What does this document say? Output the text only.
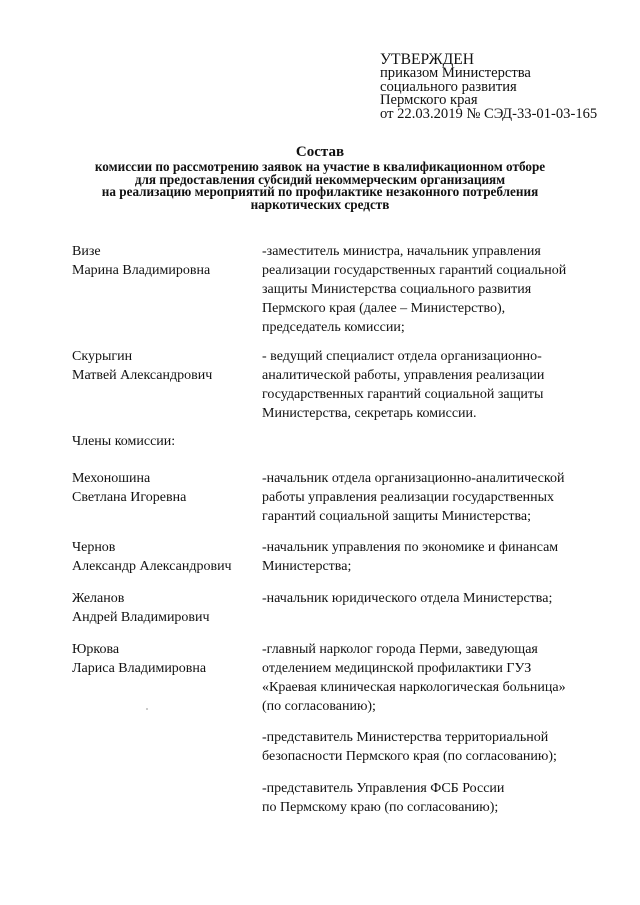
УТВЕРЖДЕН
приказом Министерства
социального развития
Пермского края
от 22.03.2019 № СЭД-33-01-03-165
Состав
комиссии по рассмотрению заявок на участие в квалификационном отборе
для предоставления субсидий некоммерческим организациям
на реализацию мероприятий по профилактике незаконного потребления
наркотических средств
Визе
Марина Владимировна
-заместитель министра, начальник управления
реализации государственных гарантий социальной
защиты Министерства социального развития
Пермского края (далее – Министерство),
председатель комиссии;
Скурыгин
Матвей Александрович
- ведущий специалист отдела организационно-
аналитической работы, управления реализации
государственных гарантий социальной защиты
Министерства, секретарь комиссии.
Члены комиссии:
Мехоношина
Светлана Игоревна
-начальник отдела организационно-аналитической
работы управления реализации государственных
гарантий социальной защиты Министерства;
Чернов
Александр Александрович
-начальник управления по экономике и финансам
Министерства;
Желанов
Андрей Владимирович
-начальник юридического отдела Министерства;
Юркова
Лариса Владимировна
-главный нарколог города Перми, заведующая
отделением медицинской профилактики ГУЗ
«Краевая клиническая наркологическая больница»
(по согласованию);
-представитель Министерства территориальной
безопасности Пермского края (по согласованию);
-представитель Управления ФСБ России
по Пермскому краю (по согласованию);
